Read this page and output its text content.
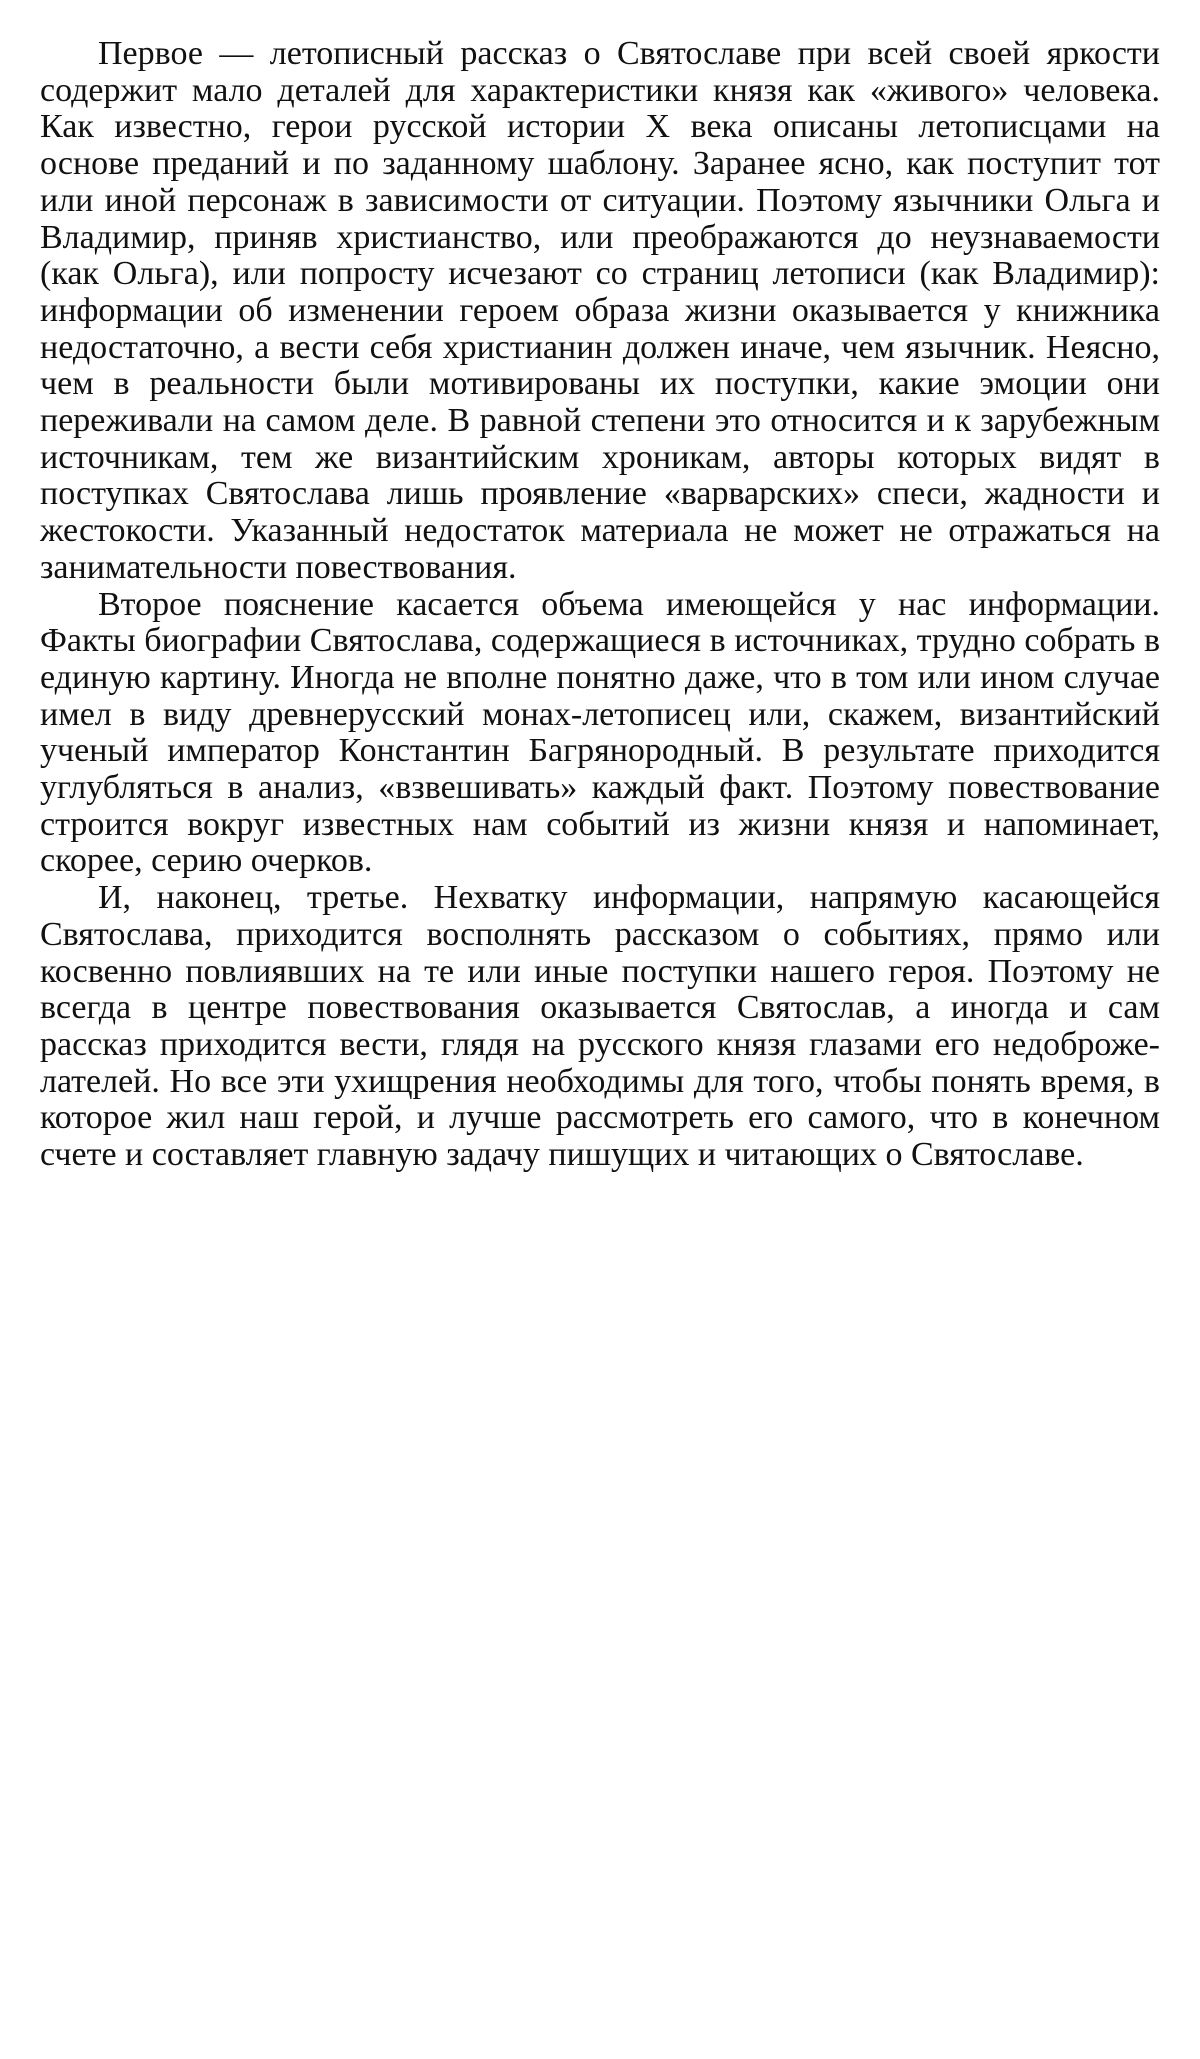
Первое — летописный рассказ о Святославе при всей своей яркости содержит мало деталей для характеристики князя как «живого» человека. Как известно, герои русской истории X века описаны летописцами на основе преданий и по заданному шаблону. Заранее ясно, как поступит тот или иной персонаж в зависимости от ситуации. Поэтому язычники Ольга и Владимир, приняв христианство, или преображаются до неузнаваемости (как Ольга), или попросту исчезают со страниц летописи (как Владимир): информации об изменении героем образа жизни оказывается у книжника недостаточно, а вести себя христианин должен иначе, чем язычник. Неясно, чем в реальности были мотивированы их поступки, какие эмоции они переживали на самом деле. В равной степени это относится и к зарубежным источникам, тем же византийским хроникам, авторы которых видят в поступках Святослава лишь проявление «варварских» спеси, жадности и жестокости. Указанный недостаток материала не может не отражаться на занимательности повествования.

Второе пояснение касается объема имеющейся у нас информации. Факты биографии Святослава, содержащиеся в источниках, трудно собрать в единую картину. Иногда не вполне понятно даже, что в том или ином случае имел в виду древнерусский монах-летописец или, скажем, византийский ученый император Константин Багрянородный. В результате приходится углубляться в анализ, «взвешивать» каждый факт. Поэтому повествование строится вокруг известных нам событий из жизни князя и напоминает, скорее, серию очерков.

И, наконец, третье. Нехватку информации, напрямую касающейся Святослава, приходится восполнять рассказом о событиях, прямо или косвенно повлиявших на те или иные поступки нашего героя. Поэтому не всегда в центре повествования оказывается Святослав, а иногда и сам рассказ приходится вести, глядя на русского князя глазами его недоброжелателей. Но все эти ухищрения необходимы для того, чтобы понять время, в которое жил наш герой, и лучше рассмотреть его самого, что в конечном счете и составляет главную задачу пишущих и читающих о Святославе.
